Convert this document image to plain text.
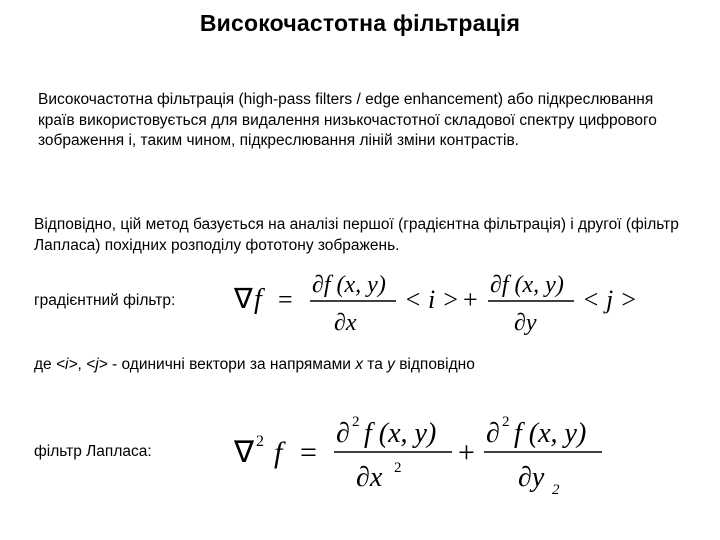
Високочастотна фільтрація
Високочастотна фільтрація (high-pass filters / edge enhancement) або підкреслювання країв використовується для видалення низькочастотної складової спектру цифрового зображення і, таким чином, підкреслювання ліній зміни контрастів.
Відповідно, цій метод базується на аналізі першої (градієнтна фільтрація) і другої (фільтр Лапласа) похідних розподілу фототону зображень.
градієнтний фільтр: ∇ f = ∂f (x, y)
∂x
< i > + ∂f (x, y)
∂y
< j >
де <i>, <j> - одиничні вектори за напрямами x та y відповідно
фільтр Лапласа:	∇ 2 f =
∂ 2 f (x, y)
∂x 2 +
∂ 2 f (x, y)
∂y 2
